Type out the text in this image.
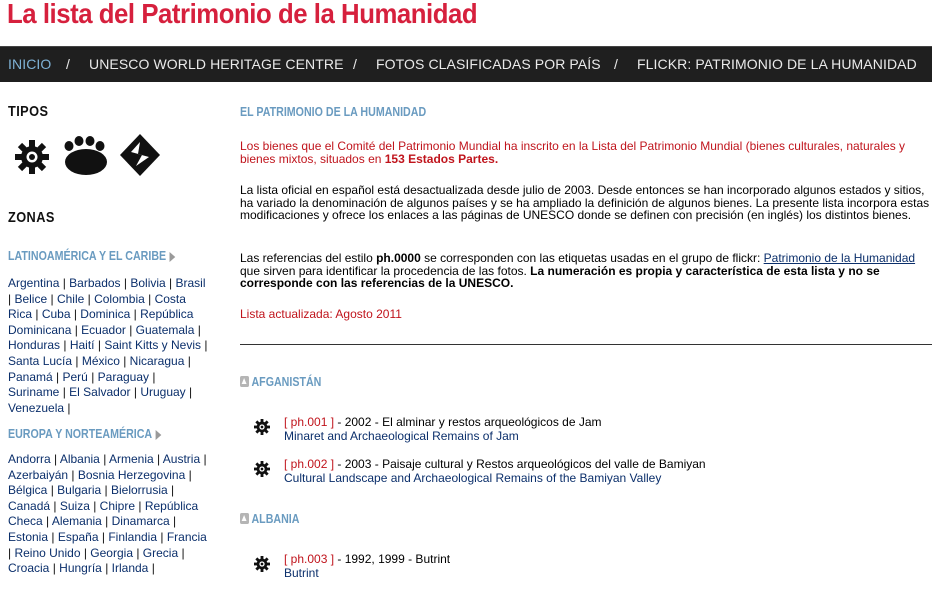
La lista del Patrimonio de la Humanidad
INICIO / UNESCO WORLD HERITAGE CENTRE / FOTOS CLASIFICADAS POR PAÍS / FLICKR: PATRIMONIO DE LA HUMANIDAD
TIPOS
ZONAS
LATINOAMÉRICA Y EL CARIBE
Argentina | Barbados | Bolivia | Brasil | Belice | Chile | Colombia | Costa Rica | Cuba | Dominica | República Dominicana | Ecuador | Guatemala | Honduras | Haití | Saint Kitts y Nevis | Santa Lucía | México | Nicaragua | Panamá | Perú | Paraguay | Suriname | El Salvador | Uruguay | Venezuela |
EUROPA Y NORTEAMÉRICA
Andorra | Albania | Armenia | Austria | Azerbaiyán | Bosnia Herzegovina | Bélgica | Bulgaria | Bielorrusia | Canadá | Suiza | Chipre | República Checa | Alemania | Dinamarca | Estonia | España | Finlandia | Francia | Reino Unido | Georgia | Grecia | Croacia | Hungría | Irlanda |
EL PATRIMONIO DE LA HUMANIDAD
Los bienes que el Comité del Patrimonio Mundial ha inscrito en la Lista del Patrimonio Mundial (bienes culturales, naturales y bienes mixtos, situados en 153 Estados Partes.
La lista oficial en español está desactualizada desde julio de 2003. Desde entonces se han incorporado algunos estados y sitios, ha variado la denominación de algunos países y se ha ampliado la definición de algunos bienes. La presente lista incorpora estas modificaciones y ofrece los enlaces a las páginas de UNESCO donde se definen con precisión (en inglés) los distintos bienes.
Las referencias del estilo ph.0000 se corresponden con las etiquetas usadas en el grupo de flickr: Patrimonio de la Humanidad que sirven para identificar la procedencia de las fotos. La numeración es propia y característica de esta lista y no se corresponde con las referencias de la UNESCO.
Lista actualizada: Agosto 2011
AFGANISTÁN
[ ph.001 ] - 2002 - El alminar y restos arqueológicos de Jam
Minaret and Archaeological Remains of Jam
[ ph.002 ] - 2003 - Paisaje cultural y Restos arqueológicos del valle de Bamiyan
Cultural Landscape and Archaeological Remains of the Bamiyan Valley
ALBANIA
[ ph.003 ] - 1992, 1999 - Butrint
Butrint
